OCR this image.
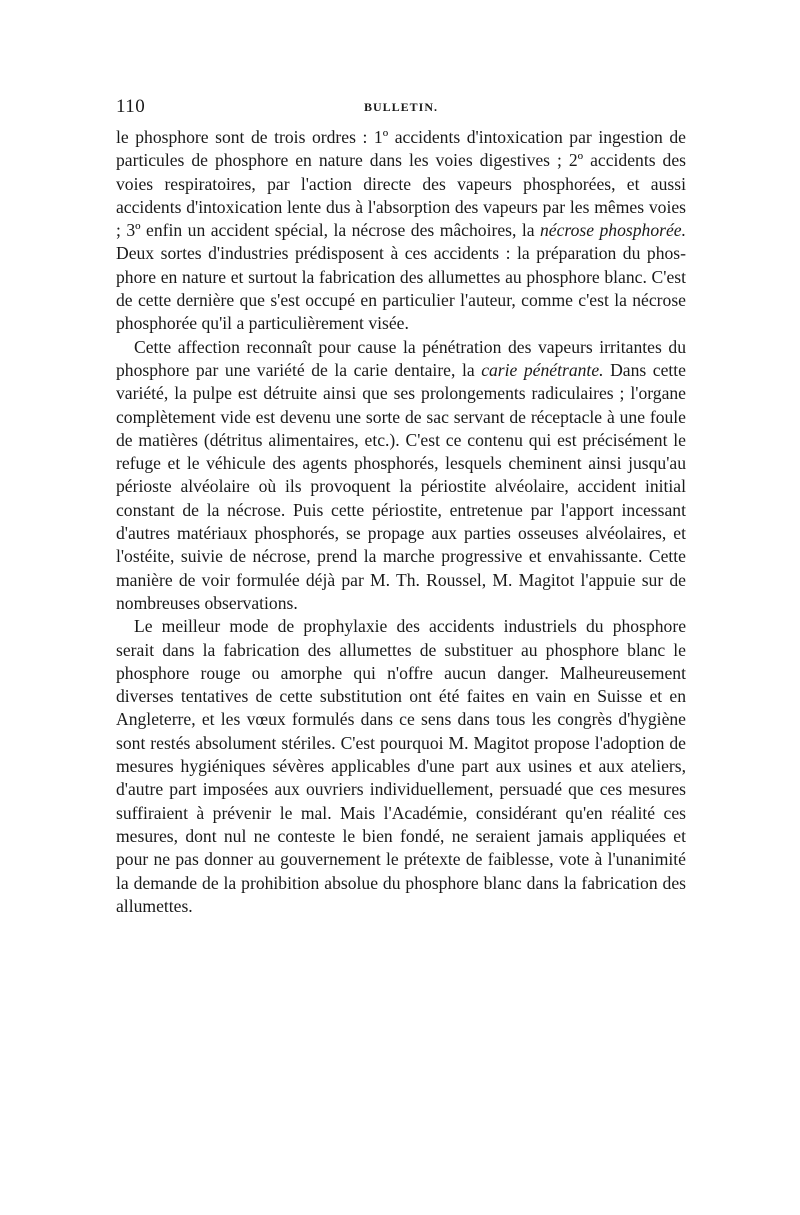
110	BULLETIN.

le phosphore sont de trois ordres : 1º accidents d'intoxication par ingestion de particules de phosphore en nature dans les voies digestives ; 2º accidents des voies respiratoires, par l'action directe des vapeurs phosphorées, et aussi accidents d'intoxication lente dus à l'absorption des vapeurs par les mêmes voies ; 3º enfin un accident spécial, la nécrose des mâchoires, la nécrose phosphorée. Deux sortes d'industries prédisposent à ces accidents : la préparation du phosphore en nature et surtout la fabrication des allumettes au phosphore blanc. C'est de cette dernière que s'est occupé en particulier l'auteur, comme c'est la nécrose phosphorée qu'il a particulièrement visée.

Cette affection reconnaît pour cause la pénétration des vapeurs irritantes du phosphore par une variété de la carie dentaire, la carie pénétrante. Dans cette variété, la pulpe est détruite ainsi que ses prolongements radiculaires ; l'organe complètement vide est devenu une sorte de sac servant de réceptacle à une foule de matières (détritus alimentaires, etc.). C'est ce contenu qui est précisément le refuge et le véhicule des agents phosphorés, lesquels cheminent ainsi jusqu'au périoste alvéolaire où ils provoquent la périostite alvéolaire, accident initial constant de la nécrose. Puis cette périostite, entretenue par l'apport incessant d'autres matériaux phosphorés, se propage aux parties osseuses alvéolaires, et l'ostéite, suivie de nécrose, prend la marche progressive et envahissante. Cette manière de voir formulée déjà par M. Th. Roussel, M. Magitot l'appuie sur de nombreuses observations.

Le meilleur mode de prophylaxie des accidents industriels du phosphore serait dans la fabrication des allumettes de substituer au phosphore blanc le phosphore rouge ou amorphe qui n'offre aucun danger. Malheureusement diverses tentatives de cette substitution ont été faites en vain en Suisse et en Angleterre, et les vœux formulés dans ce sens dans tous les congrès d'hygiène sont restés absolument stériles. C'est pourquoi M. Magitot propose l'adoption de mesures hygiéniques sévères applicables d'une part aux usines et aux ateliers, d'autre part imposées aux ouvriers individuellement, persuadé que ces mesures suffiraient à prévenir le mal. Mais l'Académie, considérant qu'en réalité ces mesures, dont nul ne conteste le bien fondé, ne seraient jamais appliquées et pour ne pas donner au gouvernement le prétexte de faiblesse, vote à l'unanimité la demande de la prohibition absolue du phosphore blanc dans la fabrication des allumettes.
